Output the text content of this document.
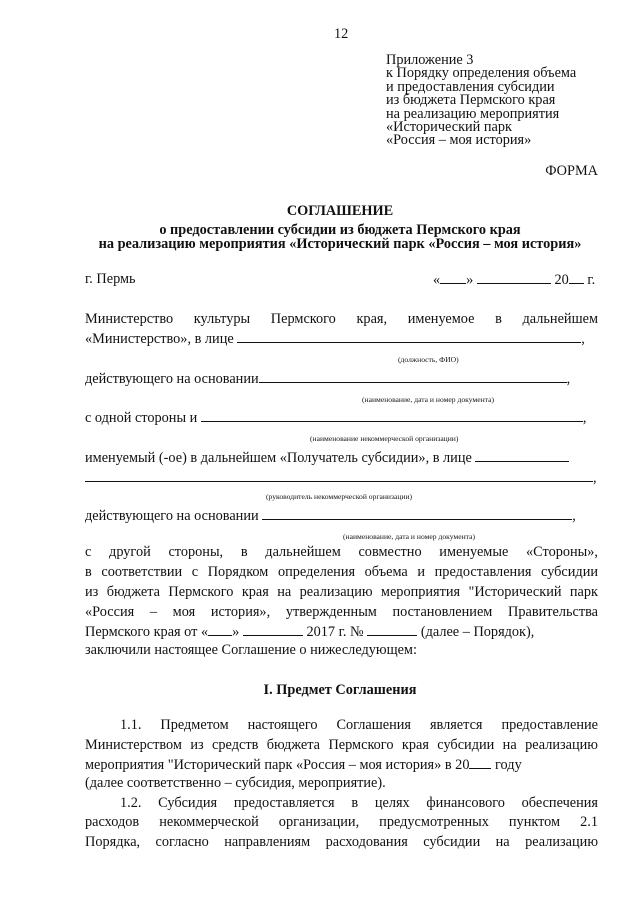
12
Приложение 3
к Порядку определения объема
и предоставления субсидии
из бюджета Пермского края
на реализацию мероприятия
«Исторический парк
«Россия – моя история»
ФОРМА
СОГЛАШЕНИЕ
о предоставлении субсидии из бюджета Пермского края
на реализацию мероприятия «Исторический парк «Россия – моя история»
г. Пермь	« »	20 г.
Министерство культуры Пермского края, именуемое в дальнейшем
«Министерство», в лице	,
(должность, ФИО)
действующего на основании	,
(наименование, дата и номер документа)
с одной стороны и	,
(наименование некоммерческой организации)
именуемый (-ое) в дальнейшем «Получатель субсидии», в лице
,
(руководитель некоммерческой организации)
действующего на основании	,
(наименование, дата и номер документа)
с другой стороны, в дальнейшем совместно именуемые «Стороны»,
в соответствии с Порядком определения объема и предоставления субсидии
из бюджета Пермского края на реализацию мероприятия "Исторический парк
«Россия – моя история», утвержденным постановлением Правительства
Пермского края от « »	2017 г. №	(далее – Порядок),
заключили настоящее Соглашение о нижеследующем:
I. Предмет Соглашения
1.1. Предметом настоящего Соглашения является предоставление
Министерством из средств бюджета Пермского края субсидии на реализацию
мероприятия "Исторический парк «Россия – моя история» в 20 году
(далее соответственно – субсидия, мероприятие).
1.2. Субсидия предоставляется в целях финансового обеспечения
расходов некоммерческой организации, предусмотренных пунктом 2.1
Порядка, согласно направлениям расходования субсидии на реализацию
